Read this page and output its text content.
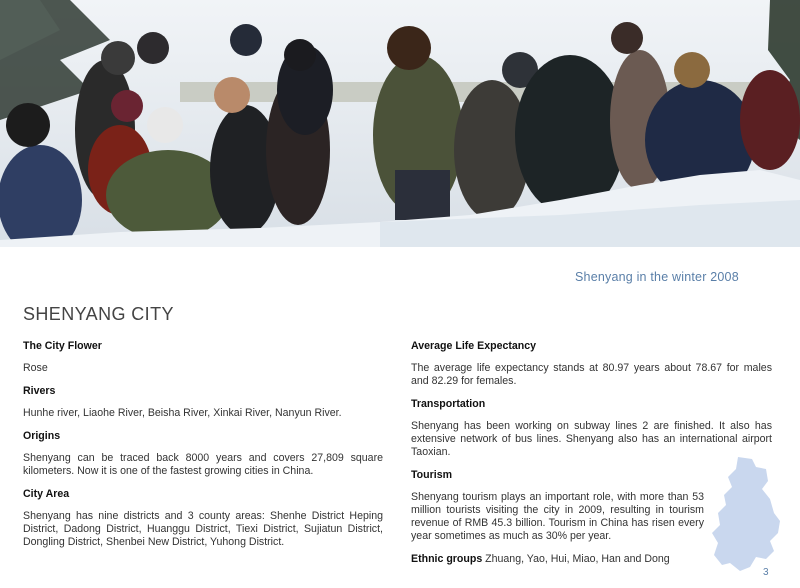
Shenyang in the winter 2008
SHENYANG CITY

The City Flower

Rose

Rivers

Hunhe river, Liaohe River, Beisha River, Xinkai River, Nanyun River.

Origins

Shenyang can be traced back 8000 years and covers 27,809 square kilometers. Now it is one of the fastest growing cities in China.

City Area

Shenyang has nine districts and 3 county areas: Shenhe District Heping District, Dadong District, Huanggu District, Tiexi District, Sujiatun District, Dongling District, Shenbei New District, Yuhong District.

Average Life Expectancy

The average life expectancy stands at 80.97 years about 78.67 for males and 82.29 for females.

Transportation

Shenyang has been working on subway lines 2 are finished. It also has extensive network of bus lines. Shenyang also has an international airport Taoxian.

Tourism

Shenyang tourism plays an important role, with more than 53 million tourists visiting the city in 2009, resulting in tourism revenue of RMB 45.3 billion. Tourism in China has risen every year sometimes as much as 30% per year.

Ethnic groups Zhuang, Yao, Hui, Miao, Han and Dong

3
